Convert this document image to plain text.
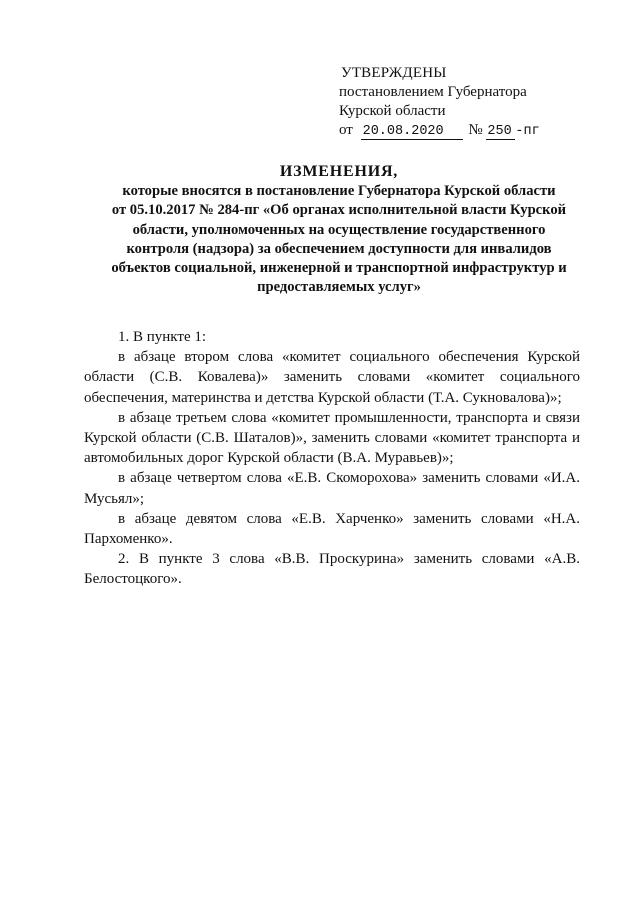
УТВЕРЖДЕНЫ
постановлением Губернатора
Курской области
от 20.08.2020 № 250 -пг
ИЗМЕНЕНИЯ,
которые вносятся в постановление Губернатора Курской области
от 05.10.2017 № 284-пг «Об органах исполнительной власти Курской
области, уполномоченных на осуществление государственного
контроля (надзора) за обеспечением доступности для инвалидов
объектов социальной, инженерной и транспортной инфраструктур и
предоставляемых услуг»

1. В пункте 1:

в абзаце втором слова «комитет социального обеспечения Курской области (С.В. Ковалева)» заменить словами «комитет социального обеспечения, материнства и детства Курской области (Т.А. Сукновалова)»;

в абзаце третьем слова «комитет промышленности, транспорта и связи Курской области (С.В. Шаталов)», заменить словами «комитет транспорта и автомобильных дорог Курской области (В.А. Муравьев)»;

в абзаце четвертом слова «Е.В. Скоморохова» заменить словами «И.А. Мусьял»;

в абзаце девятом слова «Е.В. Харченко» заменить словами «Н.А. Пархоменко».

2. В пункте 3 слова «В.В. Проскурина» заменить словами «А.В. Белостоцкого».
